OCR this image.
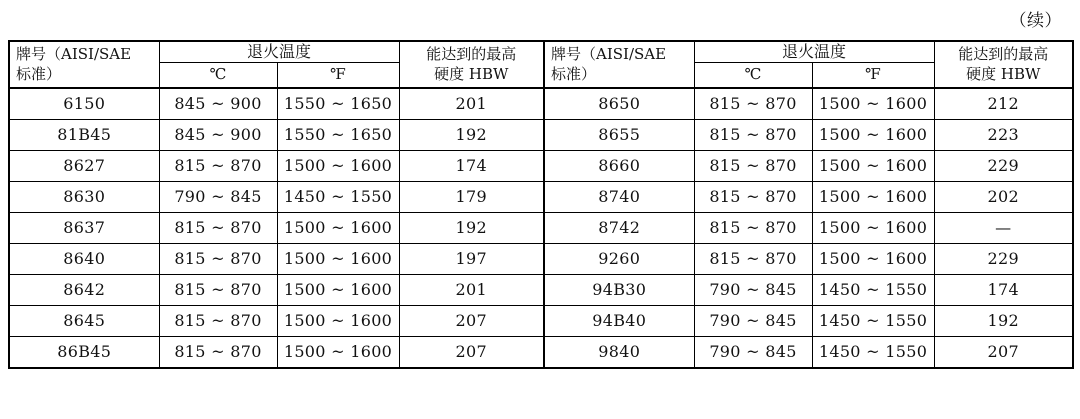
（续）
牌号（AISI/SAE
标准）
	退火温度	能达到的最高
硬度 HBW

牌号（AISI/SAE
标准）
	退火温度	能达到的最高
硬度 HBW

	℃	℉			℃	℉	
6150	845 ~ 900	1550 ~ 1650	201	8650	815 ~ 870	1500 ~ 1600	212
81B45	845 ~ 900	1550 ~ 1650	192	8655	815 ~ 870	1500 ~ 1600	223
8627	815 ~ 870	1500 ~ 1600	174	8660	815 ~ 870	1500 ~ 1600	229
8630	790 ~ 845	1450 ~ 1550	179	8740	815 ~ 870	1500 ~ 1600	202
8637	815 ~ 870	1500 ~ 1600	192	8742	815 ~ 870	1500 ~ 1600	—
8640	815 ~ 870	1500 ~ 1600	197	9260	815 ~ 870	1500 ~ 1600	229
8642	815 ~ 870	1500 ~ 1600	201	94B30	790 ~ 845	1450 ~ 1550	174
8645	815 ~ 870	1500 ~ 1600	207	94B40	790 ~ 845	1450 ~ 1550	192
86B45	815 ~ 870	1500 ~ 1600	207	9840	790 ~ 845	1450 ~ 1550	207
